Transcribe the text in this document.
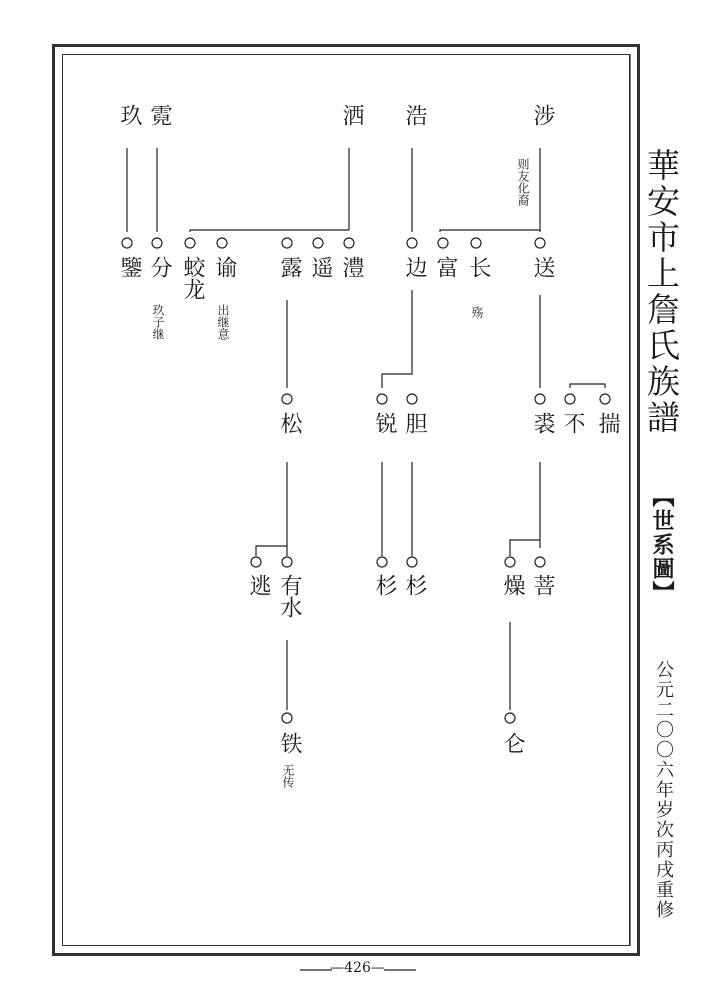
玖 霓	洒 浩	涉
则友化裔
鑒 分 蛟龙 谕 露 遥 澧 边 富 长 送
玖子继	出继意	殇
松	锐 胆	裘 不 揣
逃 有水	杉 杉	燥 菩
铁	仑
无传
華安市上詹氏族譜
【世系圖】
公元二〇〇六年岁次丙戌重修
—426—
